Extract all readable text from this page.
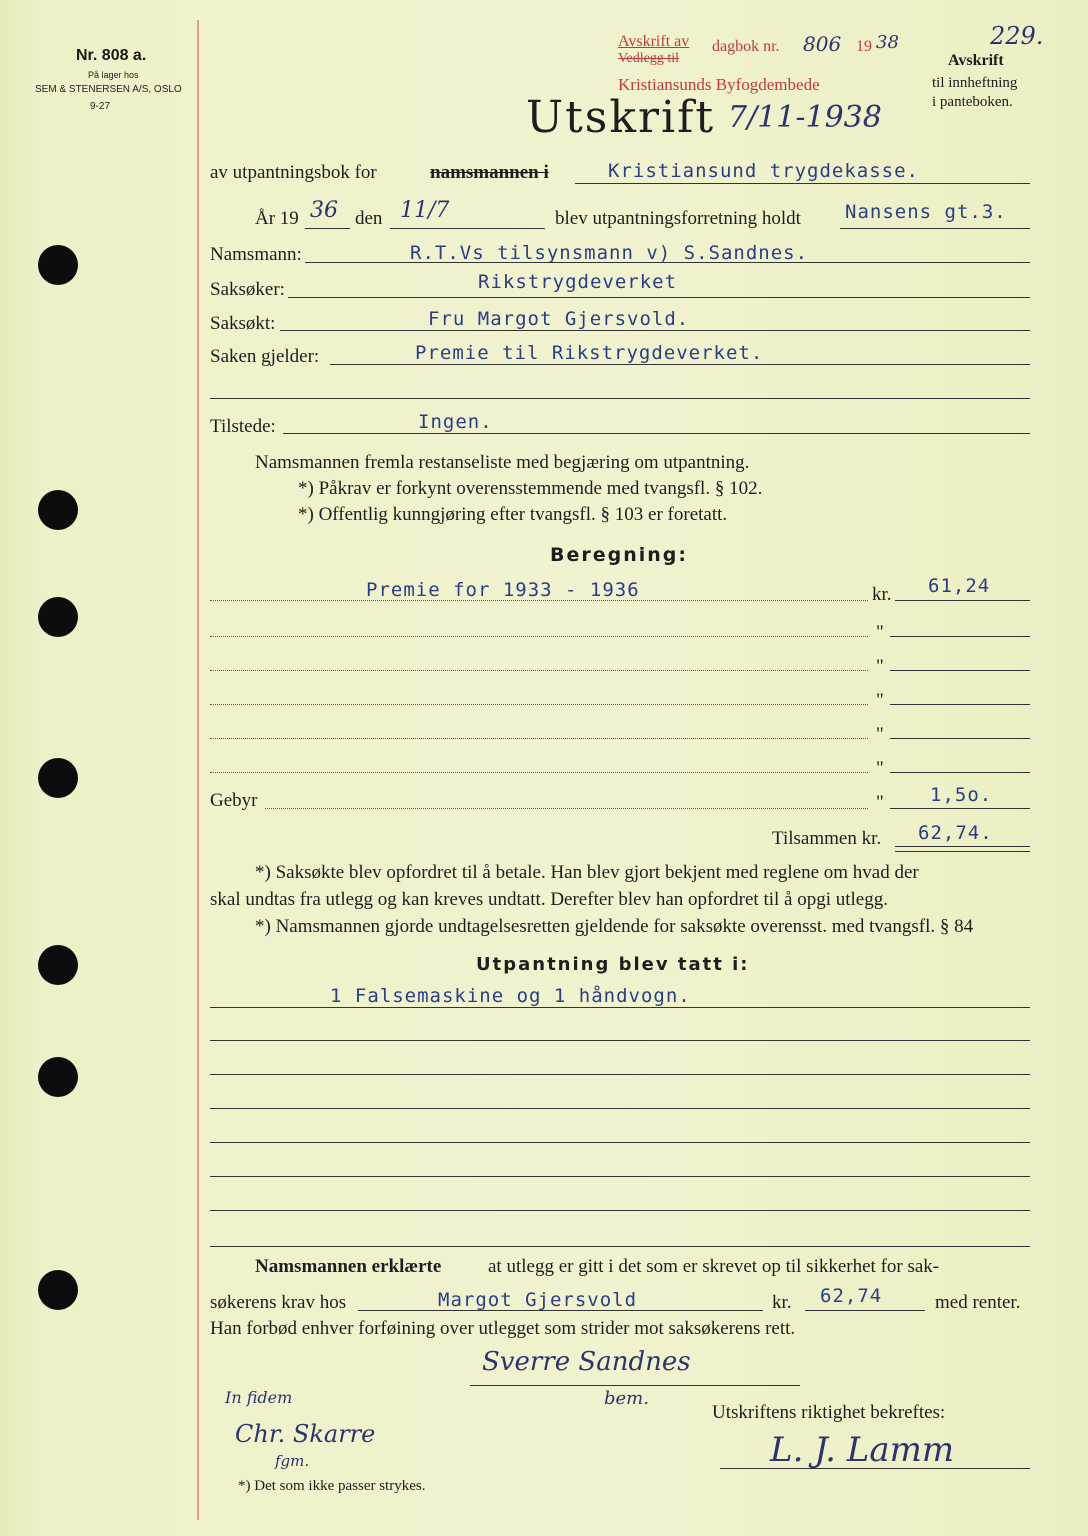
Nr. 808 a.
På lager hos
SEM & STENERSEN A/S, OSLO
9-27
Avskrift av
Vedlegg til
dagbok nr. 806 19 38
Kristiansunds Byfogdembede
229.
Avskrift
til innheftning
i panteboken.
Utskrift 7/11-1938
av utpantningsbok for	namsmannen i	Kristiansund trygdekasse.
År 19 36 den 11/7	blev utpantningsforretning holdt Nansens gt.3.
Namsmann:	R.T.Vs tilsynsmann v) S.Sandnes.
Saksøker:	Rikstrygdeverket
Saksøkt:	Fru Margot Gjersvold.
Saken gjelder:	Premie til Rikstrygdeverket.
Tilstede:	Ingen.
Namsmannen fremla restanseliste med begjæring om utpantning.
*) Påkrav er forkynt overensstemmende med tvangsfl. § 102.
*) Offentlig kunngjøring efter tvangsfl. § 103 er foretatt.
Beregning:
Premie for 1933 - 1936	kr. 61,24
"
"
"
"
"
Gebyr	" 1,5o.
Tilsammen kr. 62,74.
*) Saksøkte blev opfordret til å betale. Han blev gjort bekjent med reglene om hvad der
skal undtas fra utlegg og kan kreves undtatt. Derefter blev han opfordret til å opgi utlegg.
*) Namsmannen gjorde undtagelsesretten gjeldende for saksøkte overensst. med tvangsfl. § 84
Utpantning blev tatt i:
1 Falsemaskine og 1 håndvogn.
Namsmannen erklærte at utlegg er gitt i det som er skrevet op til sikkerhet for sak-
søkerens krav hos	Margot Gjersvold	kr. 62,74	med renter.
Han forbød enhver forføining over utlegget som strider mot saksøkerens rett.
Sverre Sandnes
bem.
In fidem
Chr. Skarre
fgm.
Utskriftens riktighet bekreftes:
L. J. Lamm
*) Det som ikke passer strykes.
